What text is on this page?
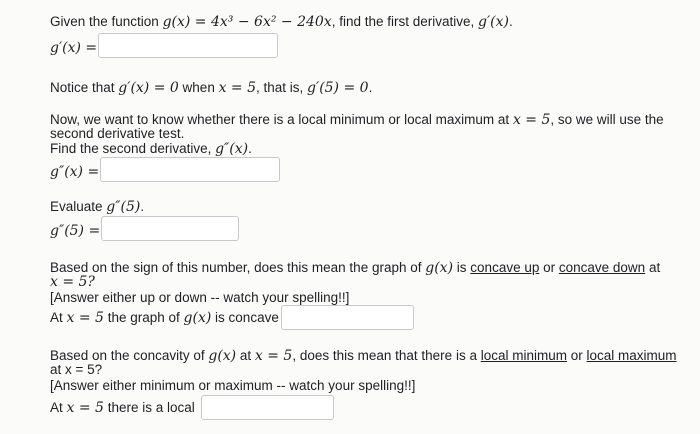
Given the function g(x) = 4x³ − 6x² − 240x, find the first derivative, g′(x).
g′(x) =
Notice that g′(x) = 0 when x = 5, that is, g′(5) = 0.
Now, we want to know whether there is a local minimum or local maximum at x = 5, so we will use the
second derivative test.
Find the second derivative, g″(x).
g″(x) =
Evaluate g″(5).
g″(5) =
Based on the sign of this number, does this mean the graph of g(x) is concave up or concave down at
x = 5?
[Answer either up or down -- watch your spelling!!]
At x = 5 the graph of g(x) is concave
Based on the concavity of g(x) at x = 5, does this mean that there is a local minimum or local maximum
at x = 5?
[Answer either minimum or maximum -- watch your spelling!!]
At x = 5 there is a local
